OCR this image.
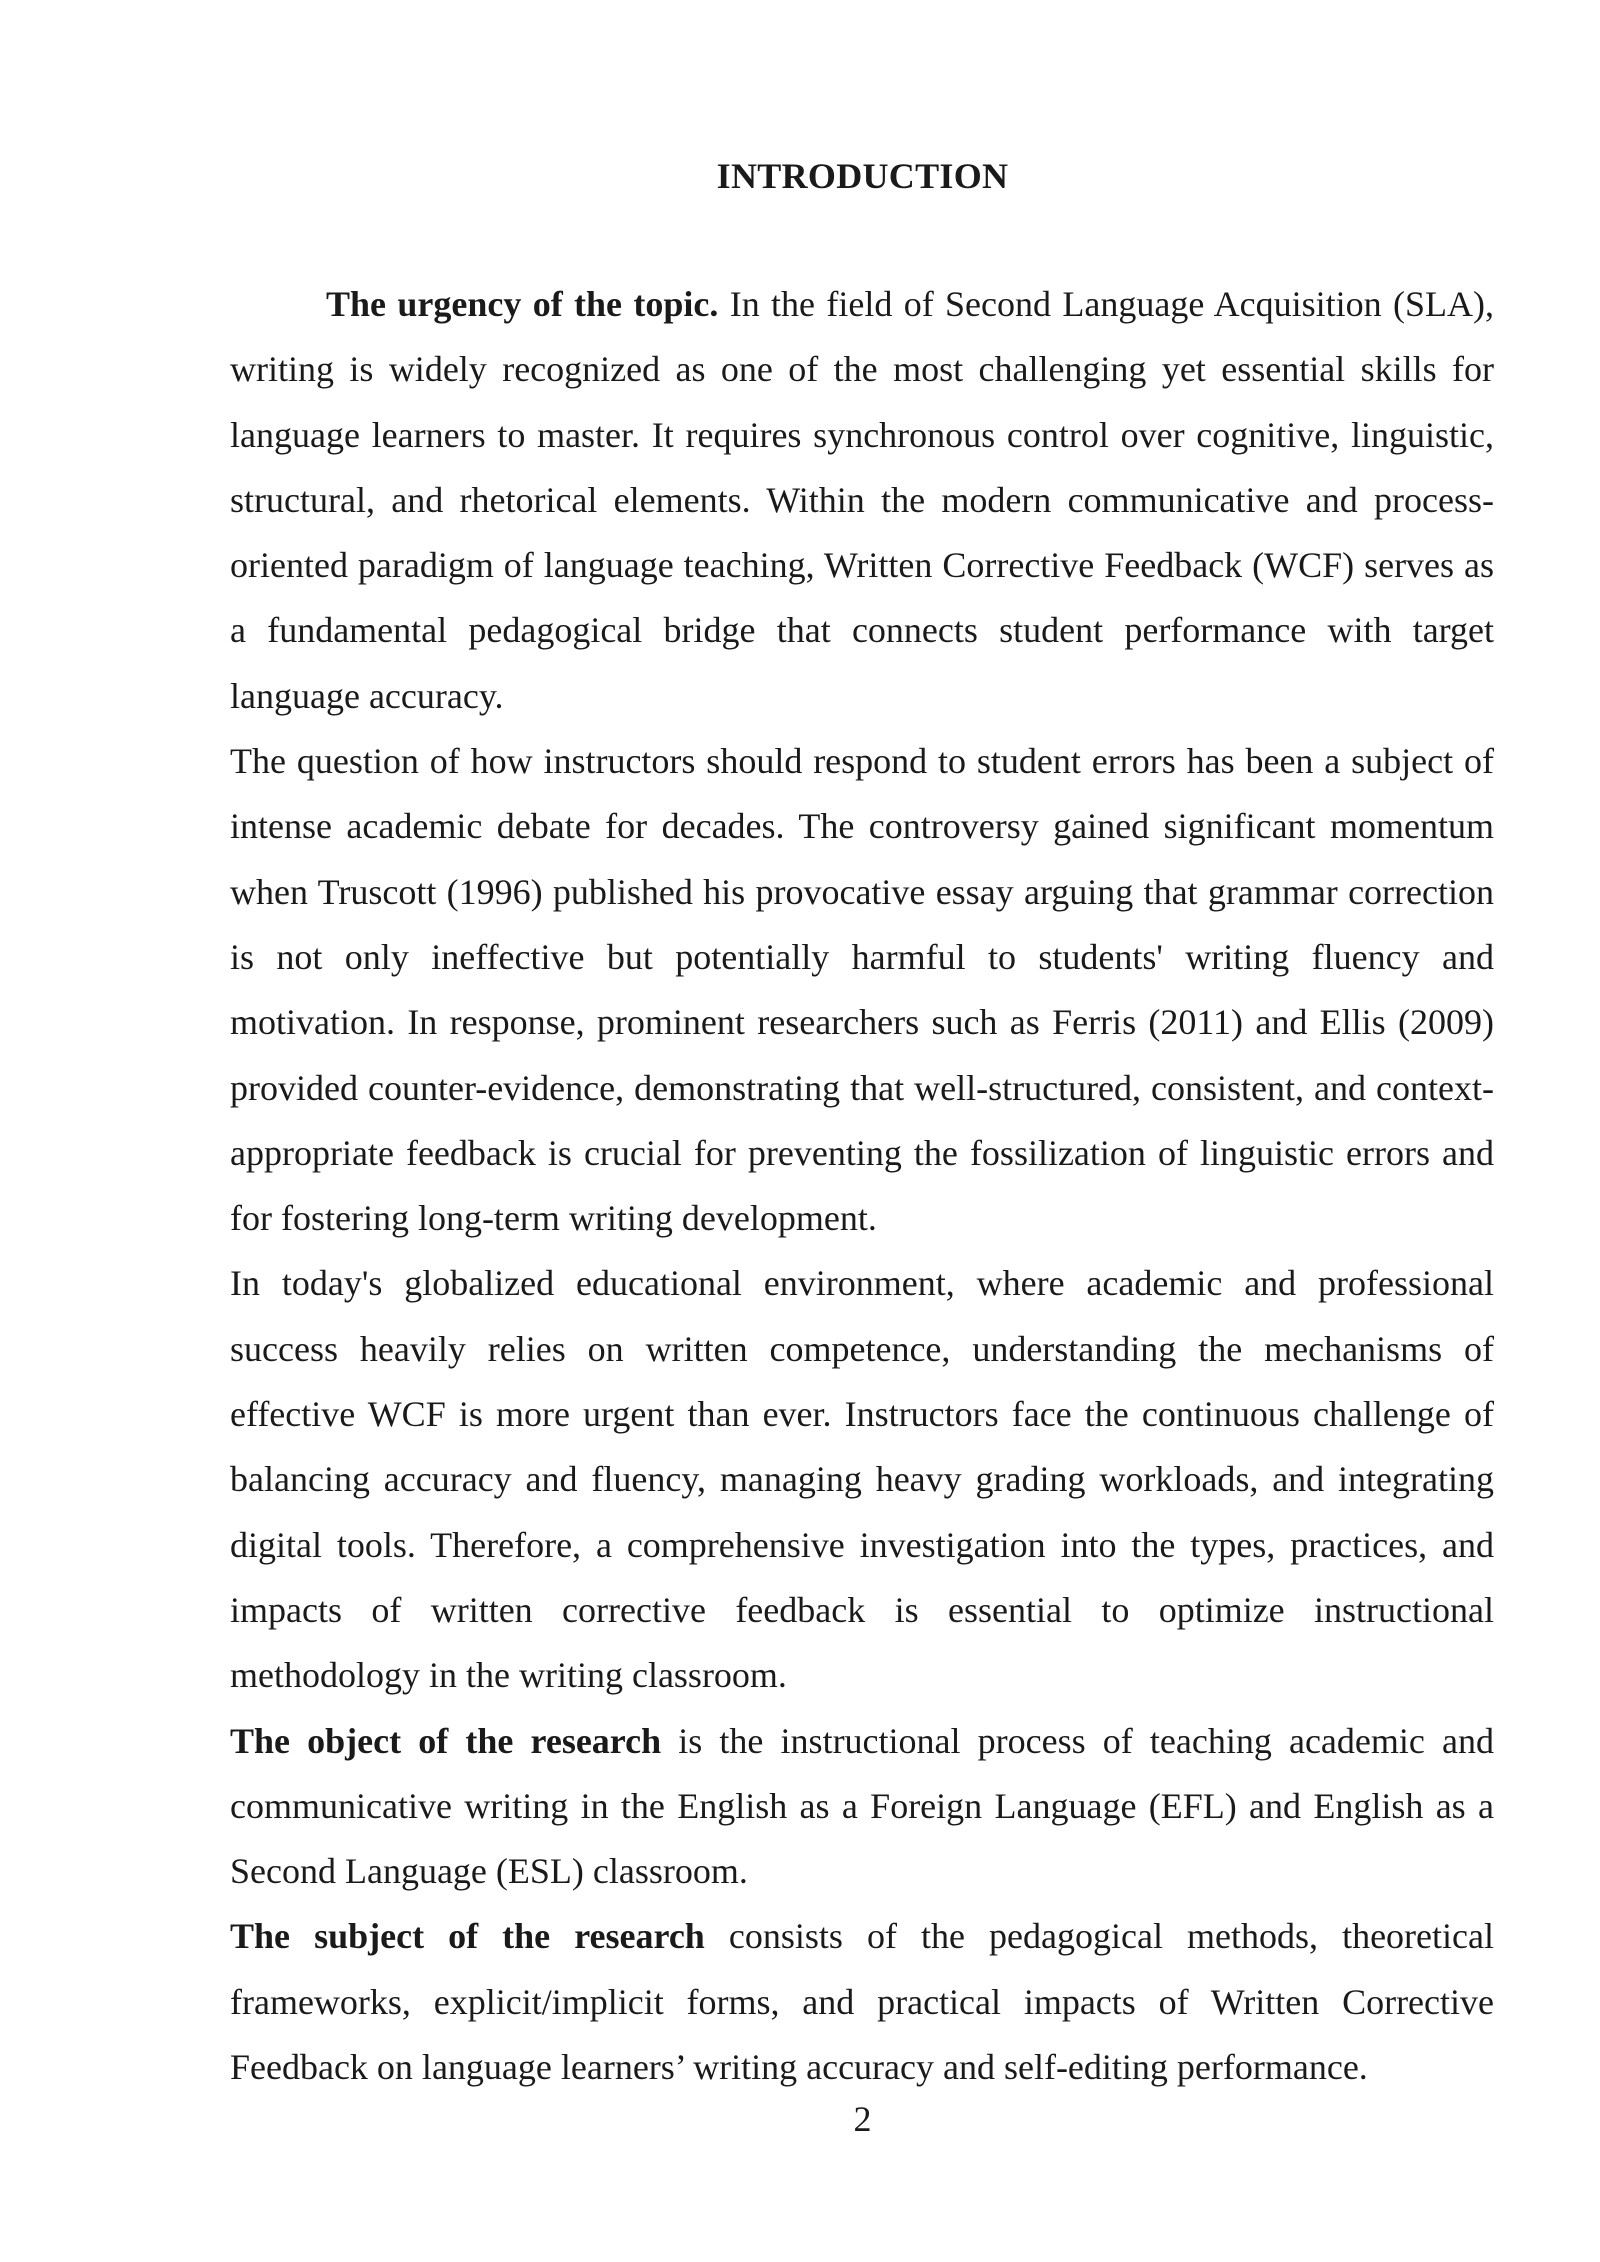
INTRODUCTION

The urgency of the topic. In the field of Second Language Acquisition (SLA), writing is widely recognized as one of the most challenging yet essential skills for language learners to master. It requires synchronous control over cognitive, linguistic, structural, and rhetorical elements. Within the modern communicative and process-oriented paradigm of language teaching, Written Corrective Feedback (WCF) serves as a fundamental pedagogical bridge that connects student performance with target language accuracy.

The question of how instructors should respond to student errors has been a subject of intense academic debate for decades. The controversy gained significant momentum when Truscott (1996) published his provocative essay arguing that grammar correction is not only ineffective but potentially harmful to students' writing fluency and motivation. In response, prominent researchers such as Ferris (2011) and Ellis (2009) provided counter-evidence, demonstrating that well-structured, consistent, and context-appropriate feedback is crucial for preventing the fossilization of linguistic errors and for fostering long-term writing development.

In today's globalized educational environment, where academic and professional success heavily relies on written competence, understanding the mechanisms of effective WCF is more urgent than ever. Instructors face the continuous challenge of balancing accuracy and fluency, managing heavy grading workloads, and integrating digital tools. Therefore, a comprehensive investigation into the types, practices, and impacts of written corrective feedback is essential to optimize instructional methodology in the writing classroom.

The object of the research is the instructional process of teaching academic and communicative writing in the English as a Foreign Language (EFL) and English as a Second Language (ESL) classroom.

The subject of the research consists of the pedagogical methods, theoretical frameworks, explicit/implicit forms, and practical impacts of Written Corrective Feedback on language learners’ writing accuracy and self-editing performance.

2
